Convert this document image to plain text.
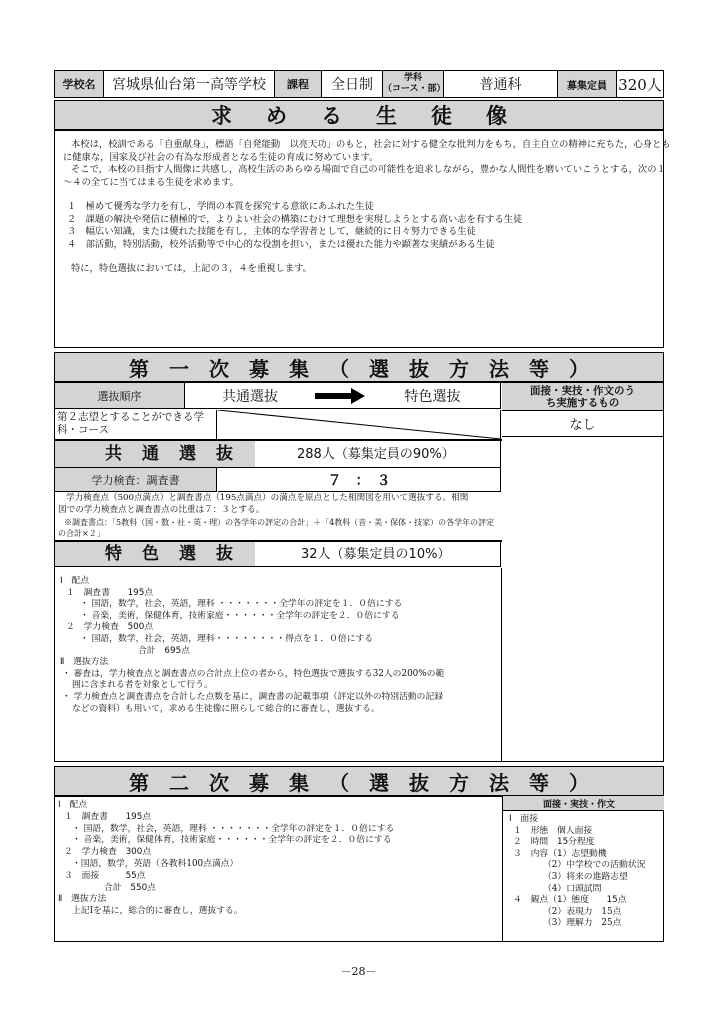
学校名	宮城県仙台第一高等学校	課程	全日制	学科
（コース・部）	普通科	募集定員 320人
求める生徒像

本校は，校訓である「自重献身」，標語「自発能動　以亮天功」のもと，社会に対する健全な批判力をもち，自主自立の精神に充ちた，心身とも

に健康な，国家及び社会の有為な形成者となる生徒の育成に努めています。

そこで，本校の目指す人間像に共感し，高校生活のあらゆる場面で自己の可能性を追求しながら，豊かな人間性を磨いていこうとする，次の１

～４の全てに当てはまる生徒を求めます。

１　極めて優秀な学力を有し，学問の本質を探究する意欲にあふれた生徒

２　課題の解決や発信に積極的で，よりよい社会の構築にむけて理想を実現しようとする高い志を有する生徒

３　幅広い知識，または優れた技能を有し，主体的な学習者として，継続的に日々努力できる生徒

４　部活動，特別活動，校外活動等で中心的な役割を担い，または優れた能力や顕著な実績がある生徒

特に，特色選抜においては，上記の３，４を重視します。

第一次募集（選抜方法等）
選抜順序	共通選抜	特色選抜	面接・実技・作文のうち実施するもの
なし
第２志望とすることができる学科・コース
共通選抜	288人（募集定員の90%）
学力検査：調査書	７　：　３

学力検査点（500点満点）と調査書点（195点満点）の満点を原点とした相関図を用いて選抜する。相関

図での学力検査点と調査書点の比重は７：３とする。

※調査書点：「5教科（国・数・社・英・理）の各学年の評定の合計」＋「4教科（音・美・保体・技家）の各学年の評定

の合計×２」

特色選抜	32人（募集定員の10%）

Ⅰ　配点

１　調査書　　195点

・ 国語，数学，社会，英語，理科 ・・・・・・・全学年の評定を１．０倍にする

・ 音楽，美術，保健体育，技術家庭・・・・・・全学年の評定を２．０倍にする

２　学力検査　500点

・ 国語，数学，社会，英語，理科・・・・・・・・得点を１．０倍にする

合計　695点

Ⅱ　選抜方法

・ 審査は，学力検査点と調査書点の合計点上位の者から，特色選抜で選抜する32人の200%の範

囲に含まれる者を対象として行う。

・ 学力検査点と調査書点を合計した点数を基に，調査書の記載事項（評定以外の特別活動の記録

などの資料）も用いて，求める生徒像に照らして総合的に審査し，選抜する。

第二次募集（選抜方法等）

Ⅰ　配点

１　調査書　　195点

・ 国語，数学，社会，英語，理科 ・・・・・・・全学年の評定を１．０倍にする

・ 音楽，美術，保健体育，技術家庭・・・・・・全学年の評定を２．０倍にする

２　学力検査　300点

・国語，数学，英語（各教科100点満点）

３　面接　　　55点

合計　550点

Ⅱ　選抜方法

上記Ⅰを基に，総合的に審査し，選抜する。

面接・実技・作文

Ⅰ　面接

１　形態　個人面接

２　時間　15分程度

３　内容（1）志望動機

（2）中学校での活動状況

（3）将来の進路志望

（4）口頭試問

４　観点（1）態度　　15点

（2）表現力　15点

（3）理解力　25点

－28－
